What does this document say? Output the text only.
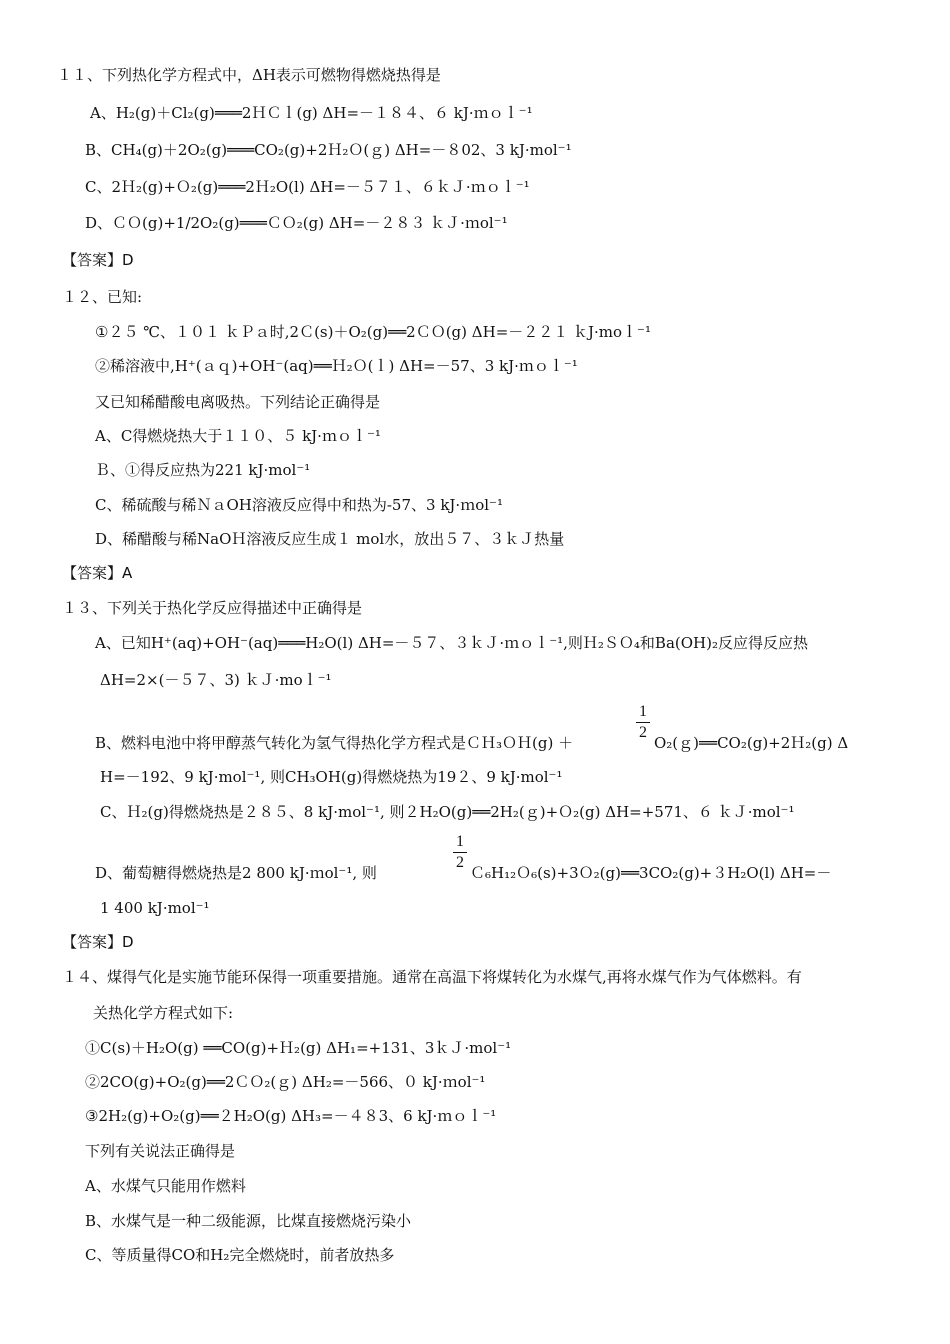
１１、下列热化学方程式中，ΔH表示可燃物得燃烧热得是
A、H₂(g)＋Cl₂(g)═══2ＨＣｌ(g) ΔH=－１８４、６ kJ·ｍｏｌ⁻¹
B、CH₄(g)＋2O₂(g)═══CO₂(g)+2Ｈ₂Ｏ(ｇ) ΔH=－８02、3 kJ·mol⁻¹
C、2Ｈ₂(g)+Ｏ₂(g)═══2Ｈ₂O(l) ΔH=－５７１、６ｋＪ·ｍｏｌ⁻¹
D、ＣＯ(g)+1/2O₂(g)═══ＣＯ₂(g) ΔH=－２８３ ｋＪ·ｍol⁻¹
【答案】D
１２、已知:
①２５ ℃、１０１ ｋＰａ时,2Ｃ(s)＋O₂(g)══2ＣＯ(g) ΔH=－２２１ ｋJ·moｌ⁻¹
②稀溶液中,H⁺(ａｑ)+OH⁻(aq)══Ｈ₂Ｏ(ｌ) ΔH=－57、3 kJ·ｍｏｌ⁻¹
又已知稀醋酸电离吸热。下列结论正确得是
A、C得燃烧热大于１１０、５ kJ·ｍｏｌ⁻¹
Ｂ、①得反应热为221 kJ·mol⁻¹
C、稀硫酸与稀ＮａOH溶液反应得中和热为-57、3 kJ·ｍol⁻¹
D、稀醋酸与稀NaOＨ溶液反应生成１ mol水，放出５７、３ｋＪ热量
【答案】A
１３、下列关于热化学反应得描述中正确得是
A、已知H⁺(aq)+OH⁻(aq)═══H₂O(l) ΔH=－５７、３ｋＪ·ｍｏｌ⁻¹,则Ｈ₂ＳＯ₄和Ba(OH)₂反应得反应热
ΔH=2×(－５７、3) ｋＪ·moｌ⁻¹
B、燃料电池中将甲醇蒸气转化为氢气得热化学方程式是ＣＨ₃ＯＨ(g) ＋
1
2
O₂(ｇ)══CO₂(g)+2Ｈ₂(g) Δ
H=－192、9 kJ·mol⁻¹, 则CH₃OH(g)得燃烧热为19２、9 kJ·mol⁻¹
C、Ｈ₂(g)得燃烧热是２８５、8 kJ·mol⁻¹, 则２H₂O(g)══2H₂(ｇ)+Ｏ₂(g) ΔH=+571、６ ｋＪ·mol⁻¹
D、葡萄糖得燃烧热是2 800 kJ·ｍol⁻¹, 则
1
2
Ｃ₆H₁₂Ｏ₆(s)+3Ｏ₂(g)══3CO₂(g)+３H₂O(l) ΔH=－
1 400 kJ·mol⁻¹
【答案】D
１４、煤得气化是实施节能环保得一项重要措施。通常在高温下将煤转化为水煤气,再将水煤气作为气体燃料。有
关热化学方程式如下:
①C(s)＋H₂O(g) ══CO(g)+Ｈ₂(g) ΔH₁=+131、3ｋＪ·mol⁻¹
②2CO(g)+O₂(g)══2ＣＯ₂(ｇ) ΔH₂=－566、０ kJ·ｍol⁻¹
③2H₂(g)+O₂(g)══２H₂O(g) ΔH₃=－４８3、6 kJ·ｍｏｌ⁻¹
下列有关说法正确得是
A、水煤气只能用作燃料
B、水煤气是一种二级能源，比煤直接燃烧污染小
C、等质量得CO和H₂完全燃烧时，前者放热多
